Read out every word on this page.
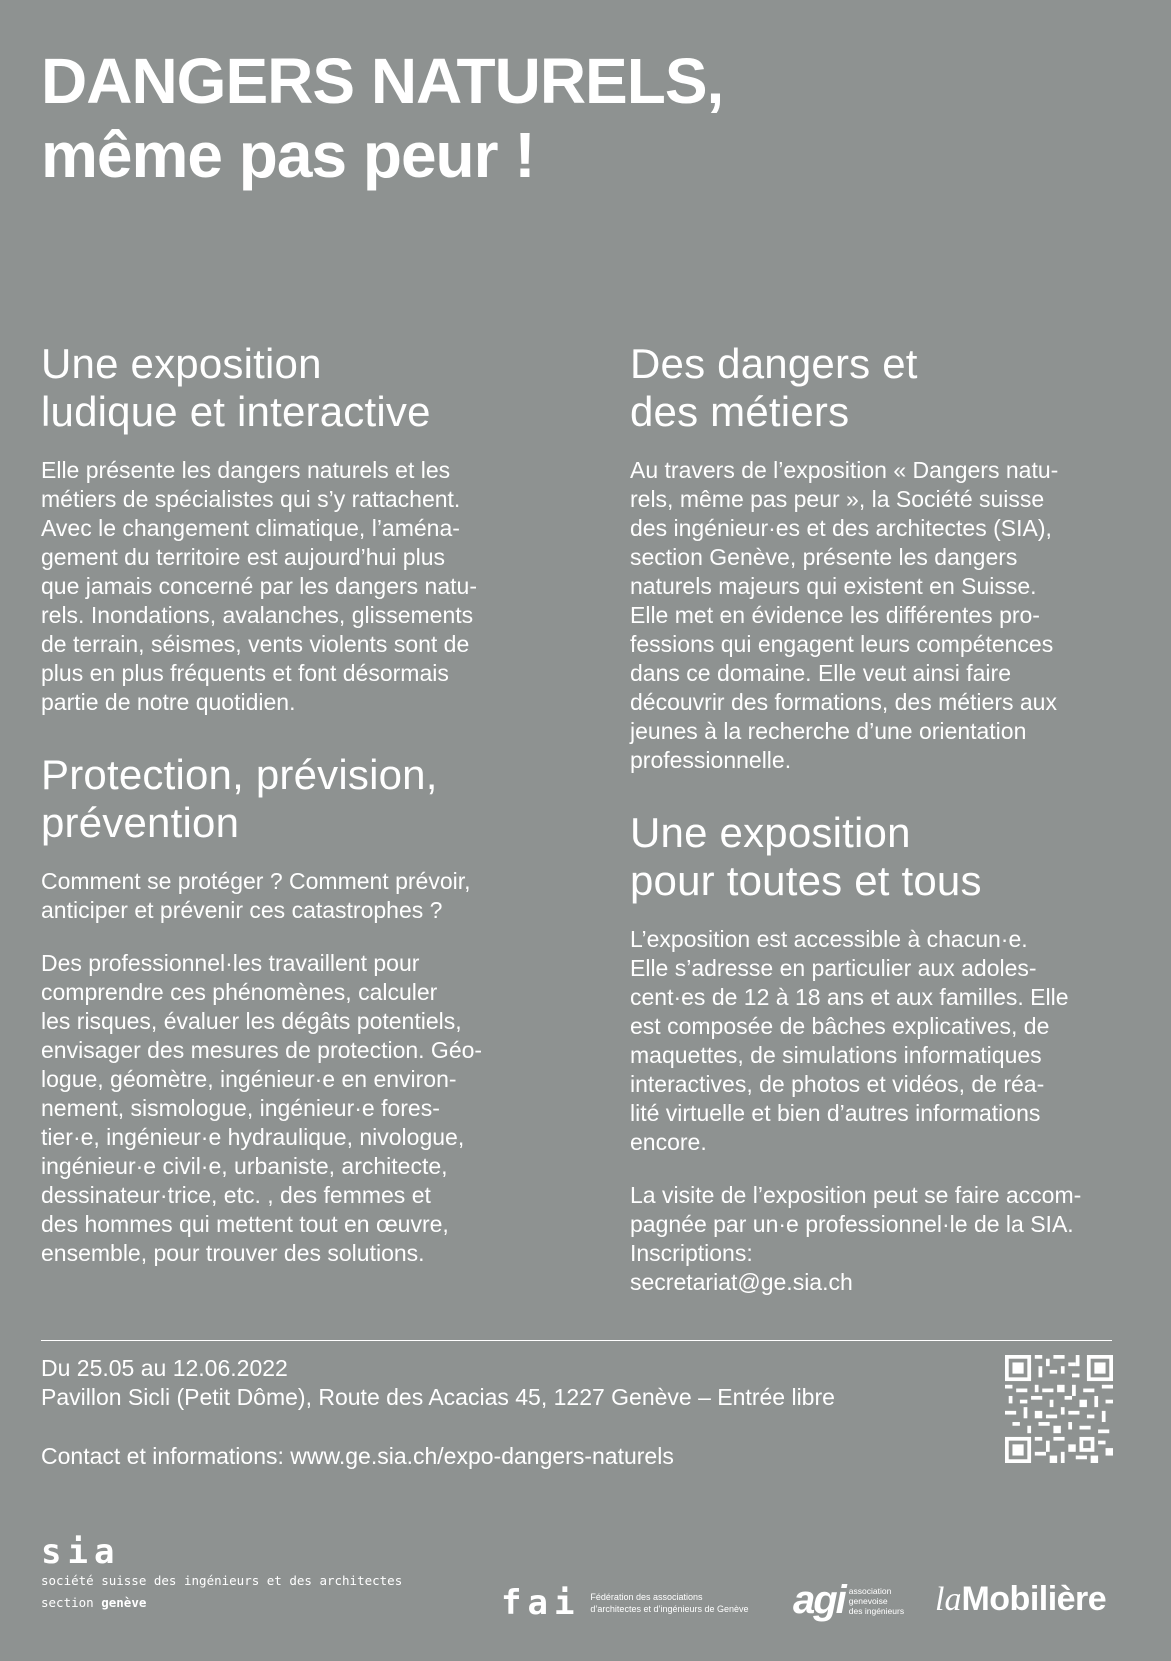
DANGERS NATURELS,
même pas peur !
Une exposition
ludique et interactive
Elle présente les dangers naturels et les
métiers de spécialistes qui s’y rattachent.
Avec le changement climatique, l’aména-
gement du territoire est aujourd’hui plus
que jamais concerné par les dangers natu-
rels. Inondations, avalanches, glissements
de terrain, séismes, vents violents sont de
plus en plus fréquents et font désormais
partie de notre quotidien.
Protection, prévision,
prévention
Comment se protéger ? Comment prévoir,
anticiper et prévenir ces catastrophes ?
Des professionnel·les travaillent pour
comprendre ces phénomènes, calculer
les risques, évaluer les dégâts potentiels,
envisager des mesures de protection. Géo-
logue, géomètre, ingénieur·e en environ-
nement, sismologue, ingénieur·e fores-
tier·e, ingénieur·e hydraulique, nivologue,
ingénieur·e civil·e, urbaniste, architecte,
dessinateur·trice, etc. , des femmes et
des hommes qui mettent tout en œuvre,
ensemble, pour trouver des solutions.
Des dangers et
des métiers
Au travers de l’exposition « Dangers natu-
rels, même pas peur », la Société suisse
des ingénieur·es et des architectes (SIA),
section Genève, présente les dangers
naturels majeurs qui existent en Suisse.
Elle met en évidence les différentes pro-
fessions qui engagent leurs compétences
dans ce domaine. Elle veut ainsi faire
découvrir des formations, des métiers aux
jeunes à la recherche d’une orientation
professionnelle.
Une exposition
pour toutes et tous
L’exposition est accessible à chacun·e.
Elle s’adresse en particulier aux adoles-
cent·es de 12 à 18 ans et aux familles. Elle
est composée de bâches explicatives, de
maquettes, de simulations informatiques
interactives, de photos et vidéos, de réa-
lité virtuelle et bien d’autres informations
encore.
La visite de l’exposition peut se faire accom-
pagnée par un·e professionnel·le de la SIA.
Inscriptions:
secretariat@ge.sia.ch
Du 25.05 au 12.06.2022
Pavillon Sicli (Petit Dôme), Route des Acacias 45, 1227 Genève – Entrée libre
Contact et informations: www.ge.sia.ch/expo-dangers-naturels
sia
société suisse des ingénieurs et des architectes
section genève	fai Fédération des associations
d’architectes et d’ingénieurs de Genève agi association
genevoise
des ingénieurs laMobilière
